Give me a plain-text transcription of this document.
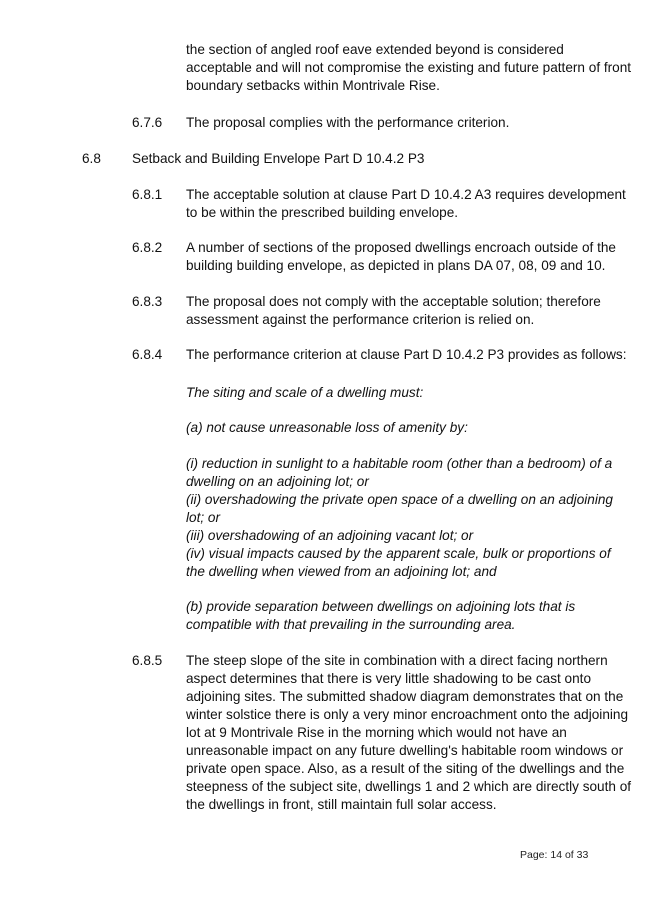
the section of angled roof eave extended beyond is considered
acceptable and will not compromise the existing and future pattern of front
boundary setbacks within Montrivale Rise.
6.7.6 The proposal complies with the performance criterion.
6.8 Setback and Building Envelope Part D 10.4.2 P3
6.8.1 The acceptable solution at clause Part D 10.4.2 A3 requires development
to be within the prescribed building envelope.
6.8.2 A number of sections of the proposed dwellings encroach outside of the
building building envelope, as depicted in plans DA 07, 08, 09 and 10.
6.8.3 The proposal does not comply with the acceptable solution; therefore
assessment against the performance criterion is relied on.
6.8.4 The performance criterion at clause Part D 10.4.2 P3 provides as follows:
The siting and scale of a dwelling must:
(a) not cause unreasonable loss of amenity by:
(i) reduction in sunlight to a habitable room (other than a bedroom) of a
dwelling on an adjoining lot; or
(ii) overshadowing the private open space of a dwelling on an adjoining
lot; or
(iii) overshadowing of an adjoining vacant lot; or
(iv) visual impacts caused by the apparent scale, bulk or proportions of
the dwelling when viewed from an adjoining lot; and
(b) provide separation between dwellings on adjoining lots that is
compatible with that prevailing in the surrounding area.
6.8.5 The steep slope of the site in combination with a direct facing northern
aspect determines that there is very little shadowing to be cast onto
adjoining sites. The submitted shadow diagram demonstrates that on the
winter solstice there is only a very minor encroachment onto the adjoining
lot at 9 Montrivale Rise in the morning which would not have an
unreasonable impact on any future dwelling's habitable room windows or
private open space. Also, as a result of the siting of the dwellings and the
steepness of the subject site, dwellings 1 and 2 which are directly south of
the dwellings in front, still maintain full solar access.
Page: 14 of 33
